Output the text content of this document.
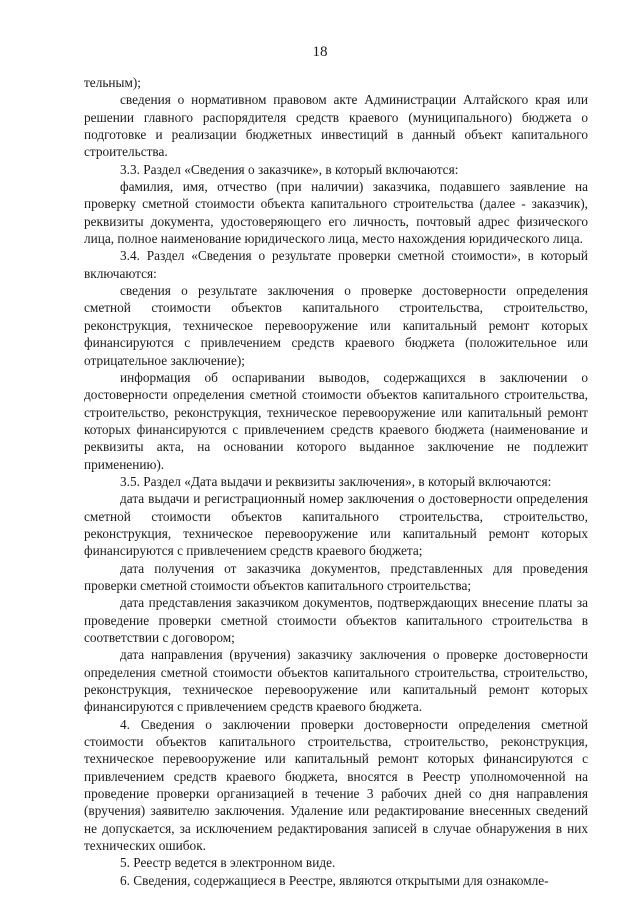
18

тельным);

сведения о нормативном правовом акте Администрации Алтайского края или решении главного распорядителя средств краевого (муниципального) бюджета о подготовке и реализации бюджетных инвестиций в данный объект капитального строительства.

3.3. Раздел «Сведения о заказчике», в который включаются:

фамилия, имя, отчество (при наличии) заказчика, подавшего заявление на проверку сметной стоимости объекта капитального строительства (далее - заказчик), реквизиты документа, удостоверяющего его личность, почтовый адрес физического лица, полное наименование юридического лица, место нахождения юридического лица.

3.4. Раздел «Сведения о результате проверки сметной стоимости», в который включаются:

сведения о результате заключения о проверке достоверности определения сметной стоимости объектов капитального строительства, строительство, реконструкция, техническое перевооружение или капитальный ремонт которых финансируются с привлечением средств краевого бюджета (положительное или отрицательное заключение);

информация об оспаривании выводов, содержащихся в заключении о достоверности определения сметной стоимости объектов капитального строительства, строительство, реконструкция, техническое перевооружение или капитальный ремонт которых финансируются с привлечением средств краевого бюджета (наименование и реквизиты акта, на основании которого выданное заключение не подлежит применению).

3.5. Раздел «Дата выдачи и реквизиты заключения», в который включаются:

дата выдачи и регистрационный номер заключения о достоверности определения сметной стоимости объектов капитального строительства, строительство, реконструкция, техническое перевооружение или капитальный ремонт которых финансируются с привлечением средств краевого бюджета;

дата получения от заказчика документов, представленных для проведения проверки сметной стоимости объектов капитального строительства;

дата представления заказчиком документов, подтверждающих внесение платы за проведение проверки сметной стоимости объектов капитального строительства в соответствии с договором;

дата направления (вручения) заказчику заключения о проверке достоверности определения сметной стоимости объектов капитального строительства, строительство, реконструкция, техническое перевооружение или капитальный ремонт которых финансируются с привлечением средств краевого бюджета.

4. Сведения о заключении проверки достоверности определения сметной стоимости объектов капитального строительства, строительство, реконструкция, техническое перевооружение или капитальный ремонт которых финансируются с привлечением средств краевого бюджета, вносятся в Реестр уполномоченной на проведение проверки организацией в течение 3 рабочих дней со дня направления (вручения) заявителю заключения. Удаление или редактирование внесенных сведений не допускается, за исключением редактирования записей в случае обнаружения в них технических ошибок.

5. Реестр ведется в электронном виде.

6. Сведения, содержащиеся в Реестре, являются открытыми для ознакомле-
